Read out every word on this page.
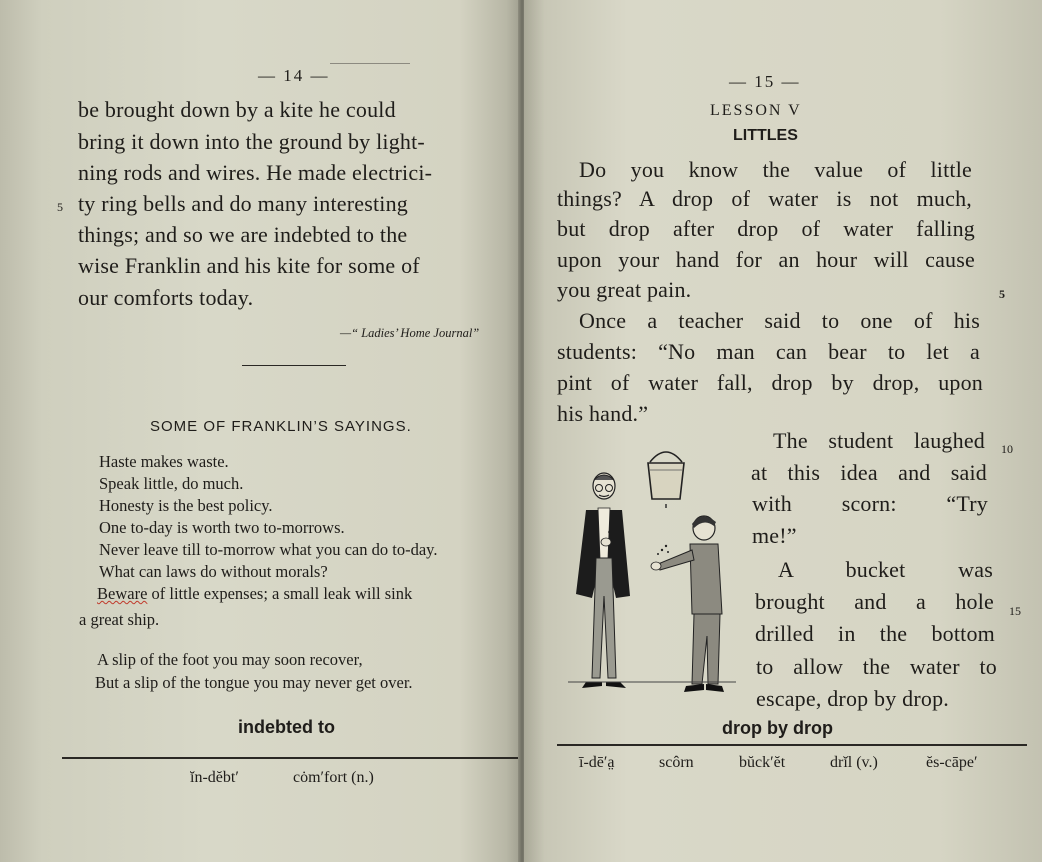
— 14 —
be brought down by a kite he could
bring it down into the ground by light-
ning rods and wires. He made electrici-
ty ring bells and do many interesting
things; and so we are indebted to the
wise Franklin and his kite for some of
our comforts today.
5
—“ Ladies’ Home Journal”
SOME OF FRANKLIN’S SAYINGS.
Haste makes waste.
Speak little, do much.
Honesty is the best policy.
One to-day is worth two to-morrows.
Never leave till to-morrow what you can do to-day.
What can laws do without morals?
Beware of little expenses; a small leak will sink
a great ship.
A slip of the foot you may soon recover,
But a slip of the tongue you may never get over.
indebted to
ĭn-dĕbt′	cȯm′fort (n.)
— 15 —
LESSON V
LITTLES
Do you know the value of little
things? A drop of water is not much,
but drop after drop of water falling
upon your hand for an hour will cause
you great pain.
Once a teacher said to one of his
students: “No man can bear to let a
pint of water fall, drop by drop, upon
his hand.”
The student laughed
at this idea and said
with scorn: “Try
me!”
A bucket was
brought and a hole
drilled in the bottom
to allow the water to
escape, drop by drop.
5
10
15
drop by drop
ī-dē′a̤	scôrn	bŭck′ĕt	drĭl (v.)	ĕs-cāpe′
